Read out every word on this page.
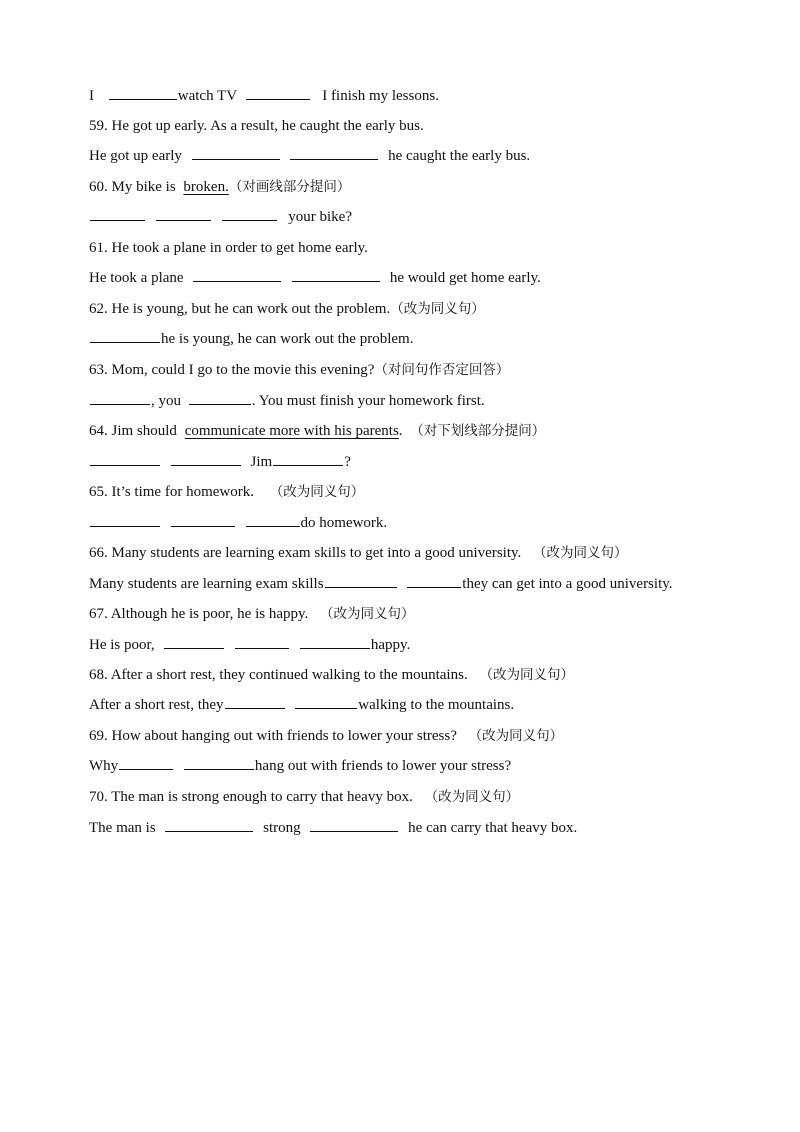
I	watch TV	I finish my lessons.
59. He got up early. As a result, he caught the early bus.
He got up early	he caught the early bus.
60. My bike is broken.（对画线部分提问）
your bike?
61. He took a plane in order to get home early.
He took a plane	he would get home early.
62. He is young, but he can work out the problem.（改为同义句）
he is young, he can work out the problem.
63. Mom, could I go to the movie this evening?（对问句作否定回答）
, you	. You must finish your homework first.
64. Jim should communicate more with his parents. （对下划线部分提问）
Jim	?
65. It’s time for homework. （改为同义句）
do homework.
66. Many students are learning exam skills to get into a good university. （改为同义句）
Many students are learning exam skills	they can get into a good university.
67. Although he is poor, he is happy. （改为同义句）
He is poor,	happy.
68. After a short rest, they continued walking to the mountains. （改为同义句）
After a short rest, they	walking to the mountains.
69. How about hanging out with friends to lower your stress? （改为同义句）
Why	hang out with friends to lower your stress?
70. The man is strong enough to carry that heavy box. （改为同义句）
The man is	strong	he can carry that heavy box.
